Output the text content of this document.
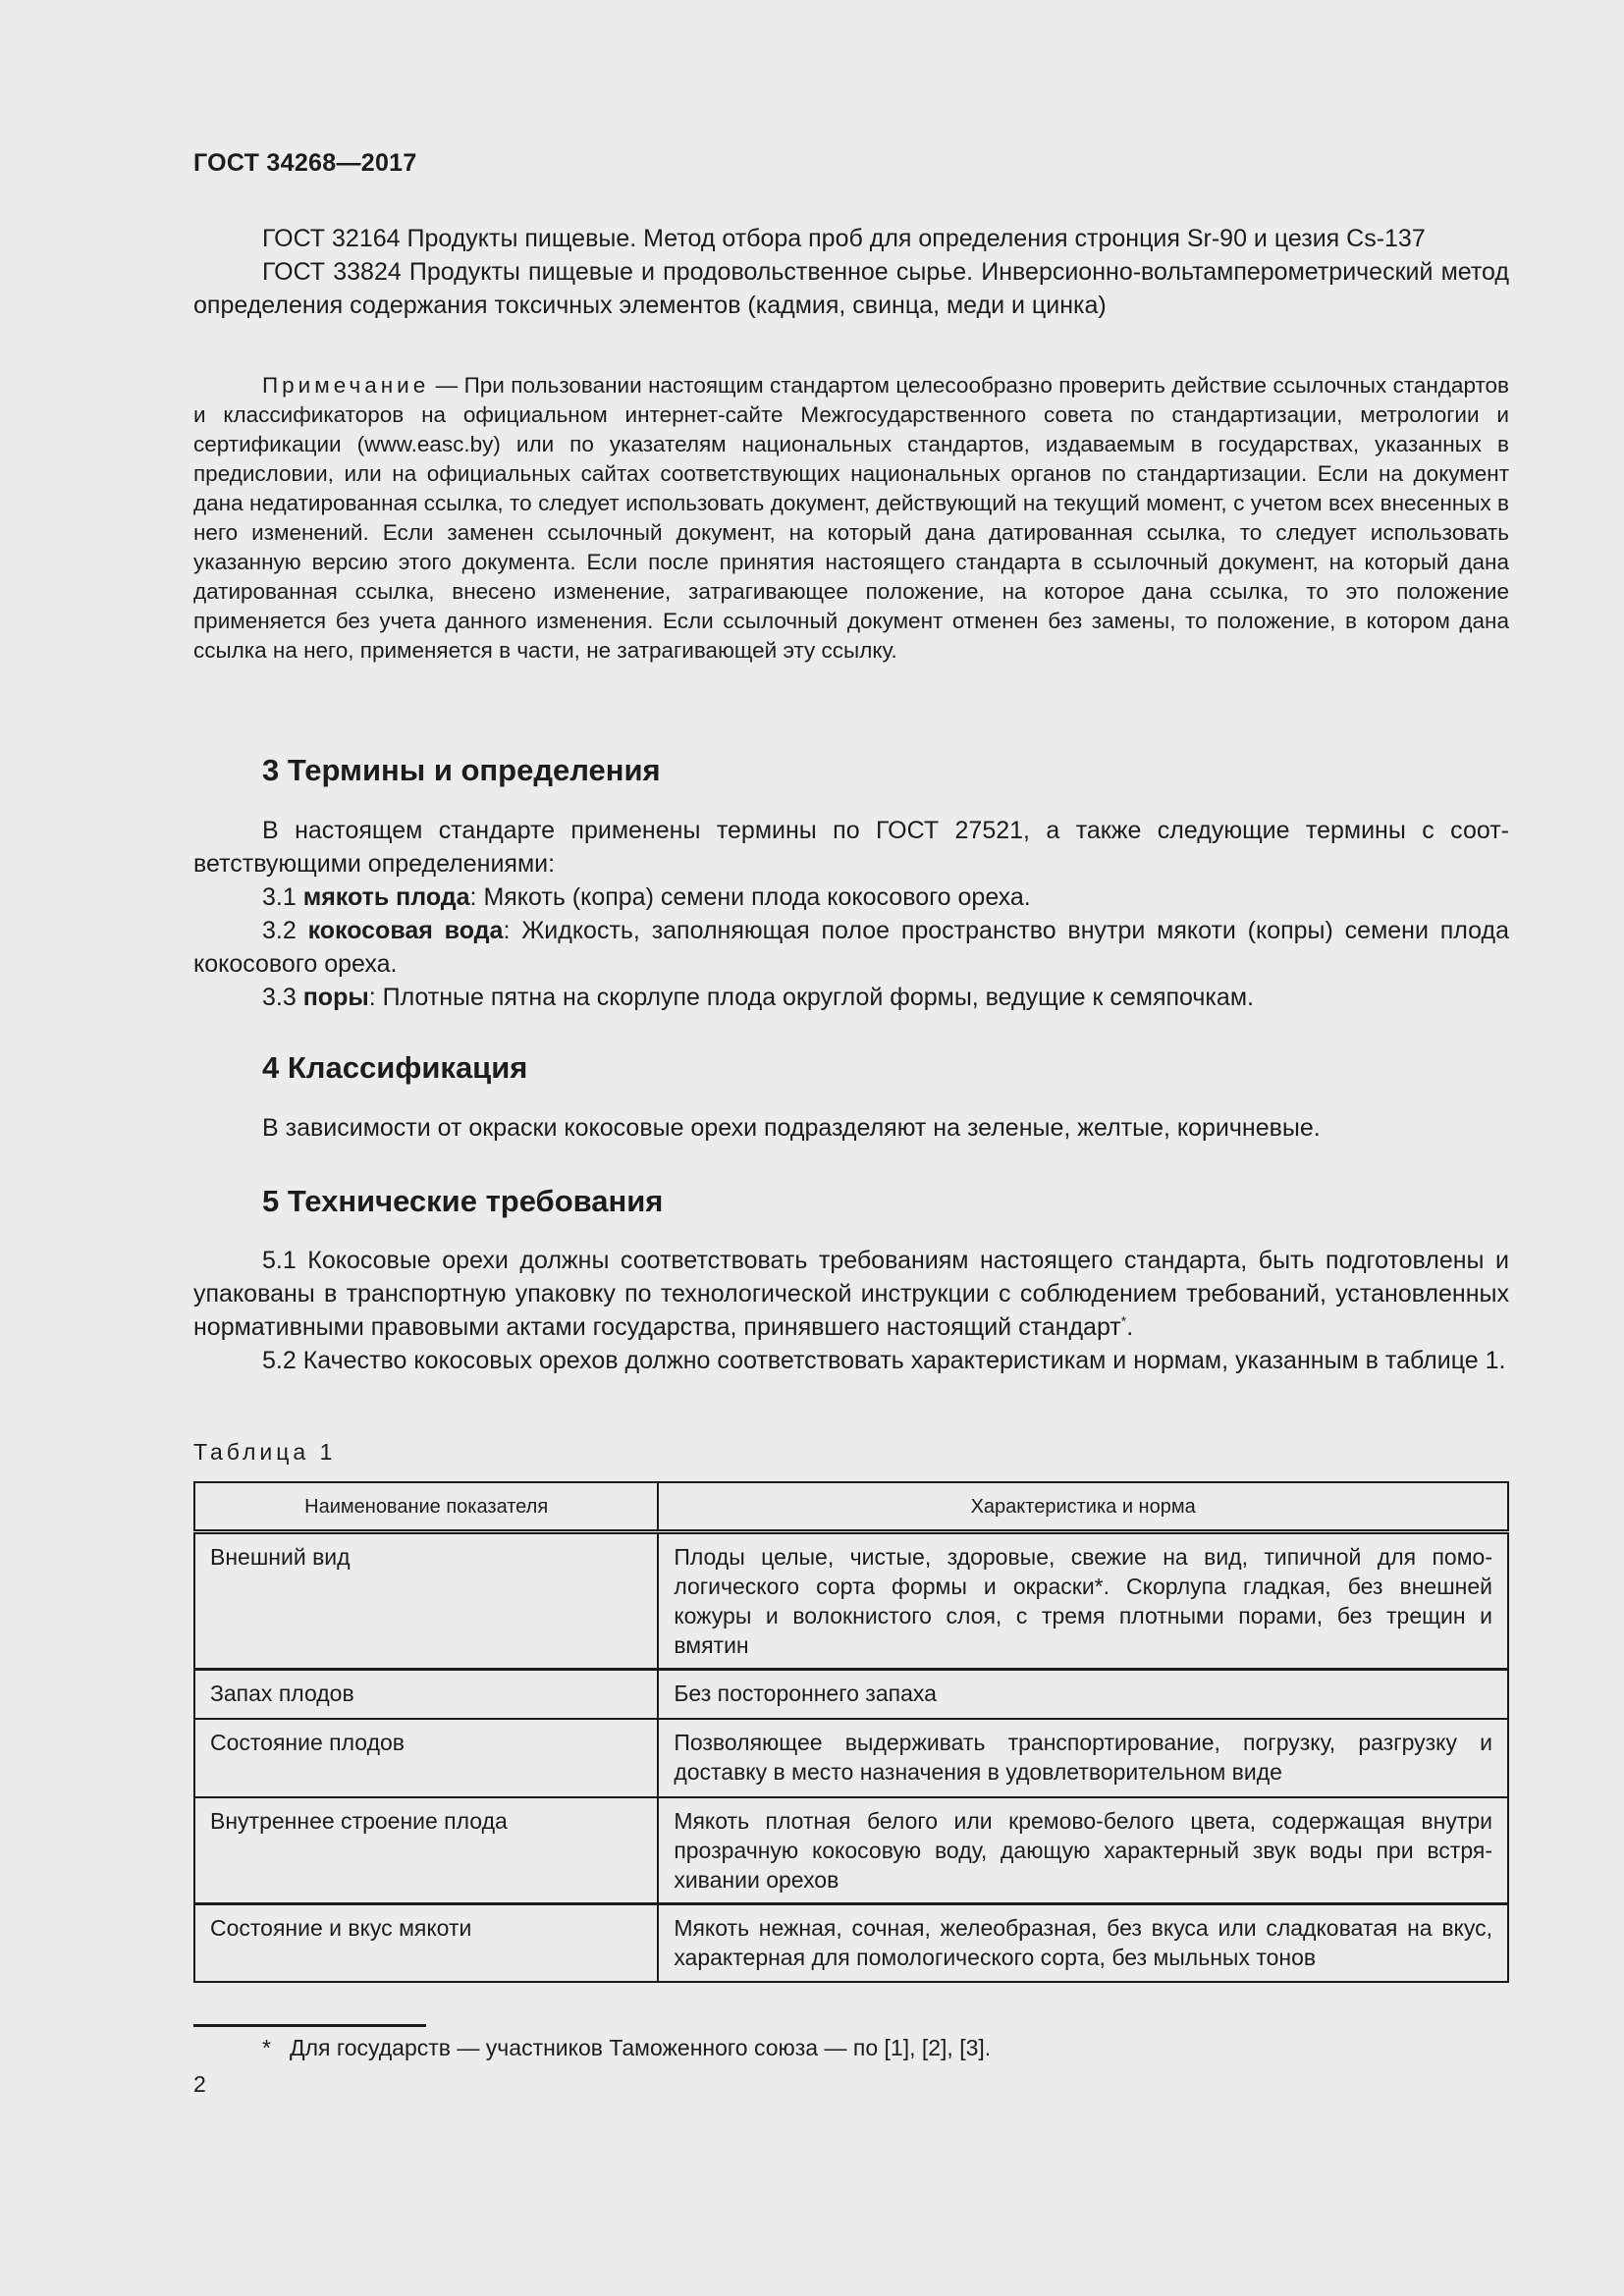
ГОСТ 34268—2017

ГОСТ 32164 Продукты пищевые. Метод отбора проб для определения стронция Sr-90 и цезия Cs-137

ГОСТ 33824 Продукты пищевые и продовольственное сырье. Инверсионно-вольтамперометрический метод определения содержания токсичных элементов (кадмия, свинца, меди и цинка)

Примечание — При пользовании настоящим стандартом целесообразно проверить действие ссылочных стандартов и классификаторов на официальном интернет-сайте Межгосударственного совета по стандартизации, метрологии и сертификации (www.easc.by) или по указателям национальных стандартов, издаваемым в государствах, указанных в предисловии, или на официальных сайтах соответствующих национальных органов по стандартизации. Если на документ дана недатированная ссылка, то следует использовать документ, действующий на текущий момент, с учетом всех внесенных в него изменений. Если заменен ссылочный документ, на который дана датированная ссылка, то следует использовать указанную версию этого документа. Если после принятия настоящего стандарта в ссылочный документ, на который дана датированная ссылка, внесено изменение, затрагивающее положение, на которое дана ссылка, то это положение применяется без учета данного изменения. Если ссылочный документ отменен без замены, то положение, в котором дана ссылка на него, применяется в части, не затрагивающей эту ссылку.

3 Термины и определения

В настоящем стандарте применены термины по ГОСТ 27521, а также следующие термины с соответствующими определениями:

3.1 мякоть плода: Мякоть (копра) семени плода кокосового ореха.

3.2 кокосовая вода: Жидкость, заполняющая полое пространство внутри мякоти (копры) семени плода кокосового ореха.

3.3 поры: Плотные пятна на скорлупе плода округлой формы, ведущие к семяпочкам.

4 Классификация

В зависимости от окраски кокосовые орехи подразделяют на зеленые, желтые, коричневые.

5 Технические требования

5.1 Кокосовые орехи должны соответствовать требованиям настоящего стандарта, быть подготовлены и упакованы в транспортную упаковку по технологической инструкции с соблюдением требований, установленных нормативными правовыми актами государства, принявшего настоящий стандарт*.

5.2 Качество кокосовых орехов должно соответствовать характеристикам и нормам, указанным в таблице 1.

Таблица 1

Наименование показателя	Характеристика и норма
Внешний вид	Плоды целые, чистые, здоровые, свежие на вид, типичной для помологического сорта формы и окраски*. Скорлупа гладкая, без внешней кожуры и волокнистого слоя, с тремя плотными порами, без трещин и вмятин
Запах плодов	Без постороннего запаха
Состояние плодов	Позволяющее выдерживать транспортирование, погрузку, разгрузку и доставку в место назначения в удовлетворительном виде
Внутреннее строение плода	Мякоть плотная белого или кремово-белого цвета, содержащая внутри прозрачную кокосовую воду, дающую характерный звук воды при встряхивании орехов
Состояние и вкус мякоти	Мякоть нежная, сочная, желеобразная, без вкуса или сладковатая на вкус, характерная для помологического сорта, без мыльных тонов
* Для государств — участников Таможенного союза — по [1], [2], [3].
2
